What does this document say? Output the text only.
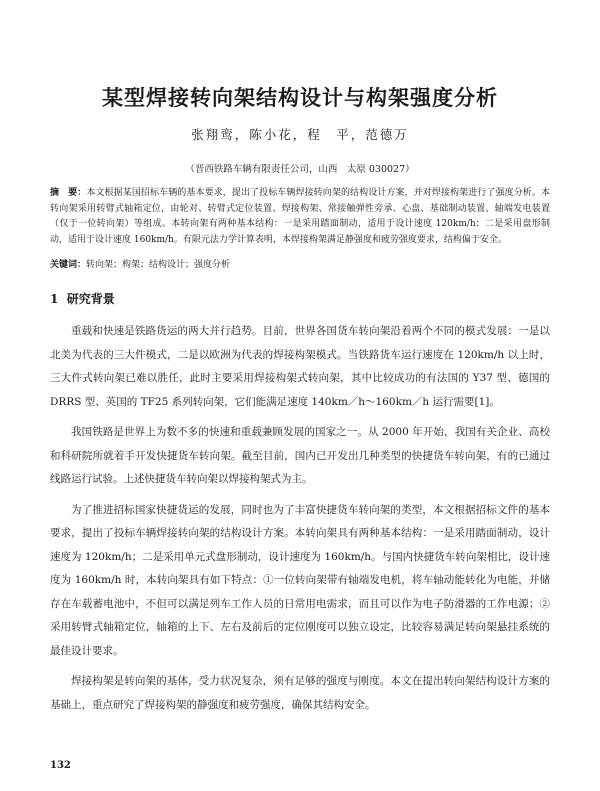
某型焊接转向架结构设计与构架强度分析
张翔鸾，陈小花，程　平，范德万
（晋西铁路车辆有限责任公司，山西　太原 030027）

摘　要：本文根据某国招标车辆的基本要求，提出了投标车辆焊接转向架的结构设计方案，并对焊接构架进行了强度分析。本转向架采用转臂式轴箱定位，由轮对、转臂式定位装置、焊接构架、常接触弹性旁承、心盘、基础制动装置、轴端发电装置（仅于一位转向架）等组成。本转向架有两种基本结构：一是采用踏面制动，适用于设计速度 120km/h；二是采用盘形制动，适用于设计速度 160km/h。有限元法力学计算表明，本焊接构架满足静强度和疲劳强度要求，结构偏于安全。

关键词：转向架；构架；结构设计；强度分析

1 研究背景

重载和快速是铁路货运的两大并行趋势。目前，世界各国货车转向架沿着两个不同的模式发展：一是以北美为代表的三大件模式，二是以欧洲为代表的焊接构架模式。当铁路货车运行速度在 120km/h 以上时，三大件式转向架已难以胜任，此时主要采用焊接构架式转向架，其中比较成功的有法国的 Y37 型、德国的 DRRS 型、英国的 TF25 系列转向架，它们能满足速度 140km／h～160km／h 运行需要[1]。

我国铁路是世界上为数不多的快速和重载兼顾发展的国家之一。从 2000 年开始，我国有关企业、高校和科研院所就着手开发快捷货车转向架。截至目前，国内已开发出几种类型的快捷货车转向架，有的已通过线路运行试验。上述快捷货车转向架以焊接构架式为主。

为了推进招标国家快捷货运的发展，同时也为了丰富快捷货车转向架的类型，本文根据招标文件的基本要求，提出了投标车辆焊接转向架的结构设计方案。本转向架具有两种基本结构：一是采用踏面制动，设计速度为 120km/h；二是采用单元式盘形制动，设计速度为 160km/h。与国内快捷货车转向架相比，设计速度为 160km/h 时，本转向架具有如下特点：①一位转向架带有轴端发电机，将车轴动能转化为电能，并储存在车载蓄电池中，不但可以满足列车工作人员的日常用电需求，而且可以作为电子防滑器的工作电源；②采用转臂式轴箱定位，轴箱的上下、左右及前后的定位刚度可以独立设定，比较容易满足转向架悬挂系统的最佳设计要求。

焊接构架是转向架的基体，受力状况复杂，须有足够的强度与刚度。本文在提出转向架结构设计方案的基础上，重点研究了焊接构架的静强度和疲劳强度，确保其结构安全。

132
